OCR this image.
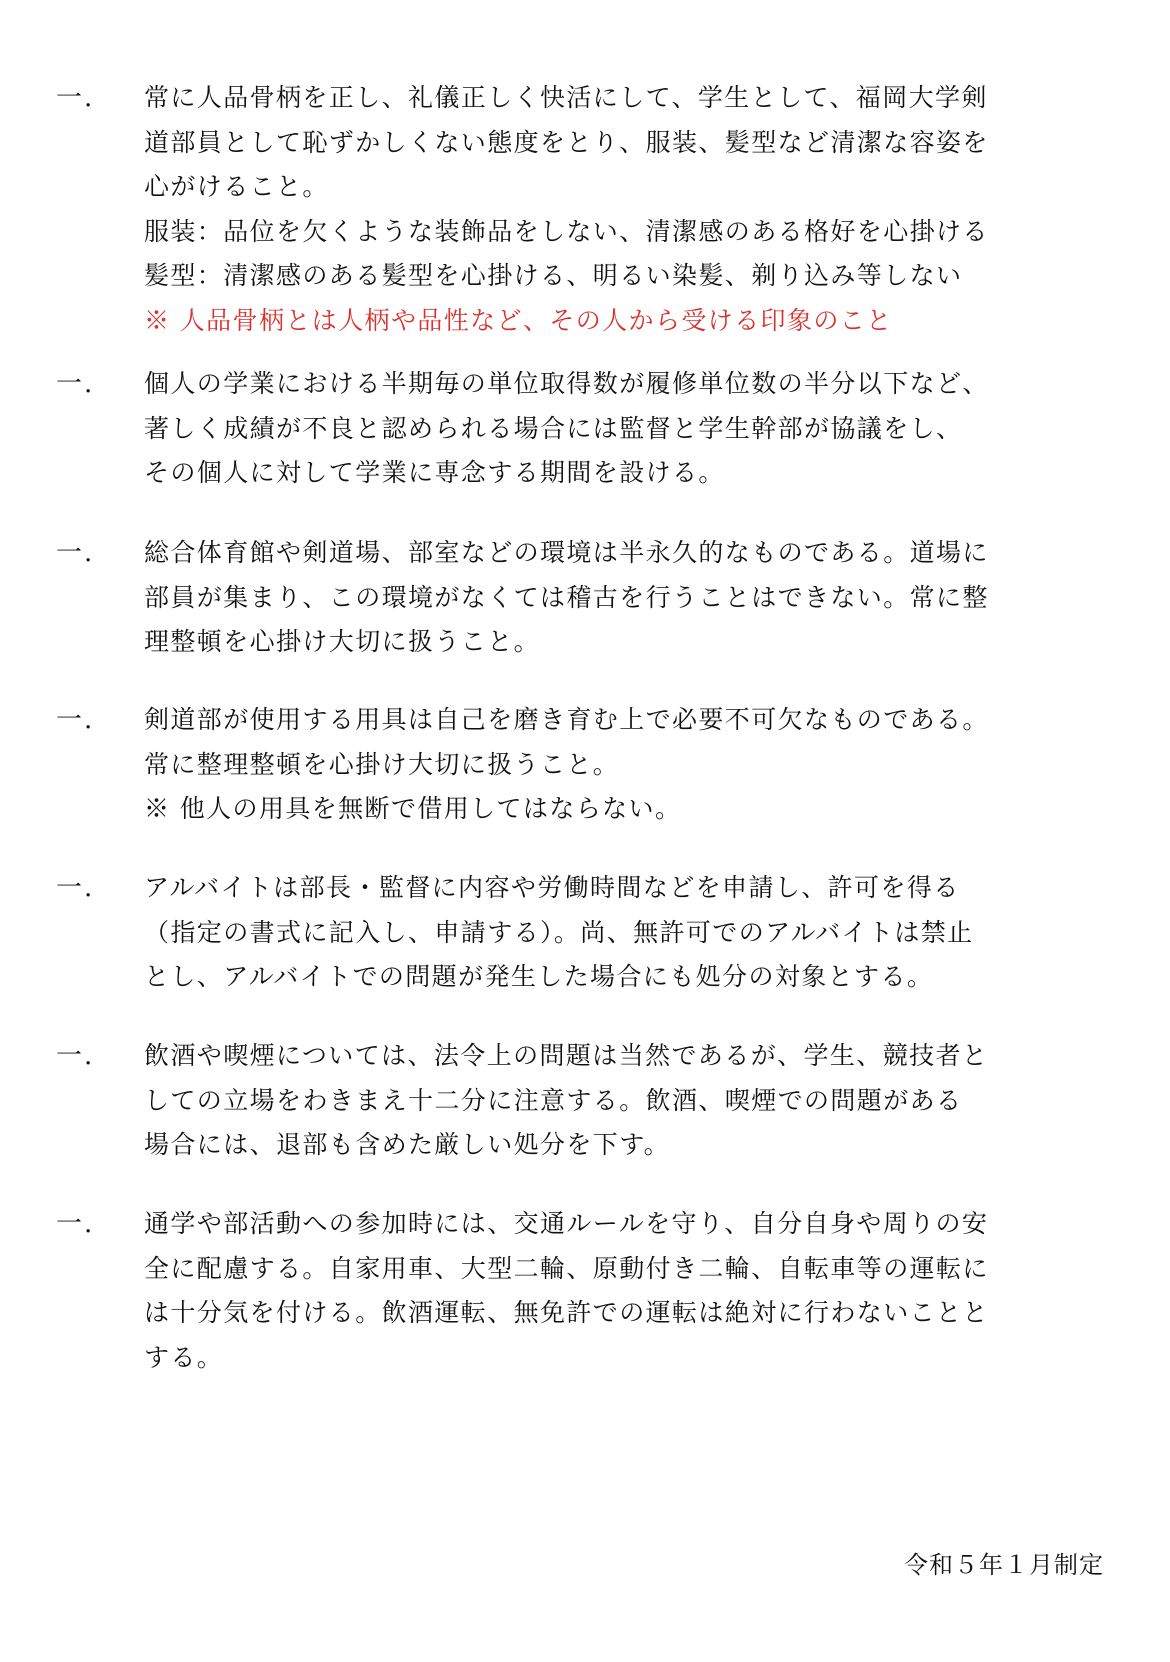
一. 常に人品骨柄を正し、礼儀正しく快活にして、学生として、福岡大学剣
道部員として恥ずかしくない態度をとり、服装、髪型など清潔な容姿を
心がけること。
服装：品位を欠くような装飾品をしない、清潔感のある格好を心掛ける
髪型：清潔感のある髪型を心掛ける、明るい染髪、剃り込み等しない
※ 人品骨柄とは人柄や品性など、その人から受ける印象のこと
一. 個人の学業における半期毎の単位取得数が履修単位数の半分以下など、
著しく成績が不良と認められる場合には監督と学生幹部が協議をし、
その個人に対して学業に専念する期間を設ける。
一. 総合体育館や剣道場、部室などの環境は半永久的なものである。道場に
部員が集まり、この環境がなくては稽古を行うことはできない。常に整
理整頓を心掛け大切に扱うこと。
一. 剣道部が使用する用具は自己を磨き育む上で必要不可欠なものである。
常に整理整頓を心掛け大切に扱うこと。
※ 他人の用具を無断で借用してはならない。
一. アルバイトは部長・監督に内容や労働時間などを申請し、許可を得る
（指定の書式に記入し、申請する）。尚、無許可でのアルバイトは禁止
とし、アルバイトでの問題が発生した場合にも処分の対象とする。
一. 飲酒や喫煙については、法令上の問題は当然であるが、学生、競技者と
しての立場をわきまえ十二分に注意する。飲酒、喫煙での問題がある
場合には、退部も含めた厳しい処分を下す。
一. 通学や部活動への参加時には、交通ルールを守り、自分自身や周りの安
全に配慮する。自家用車、大型二輪、原動付き二輪、自転車等の運転に
は十分気を付ける。飲酒運転、無免許での運転は絶対に行わないことと
する。
令和５年１月制定
